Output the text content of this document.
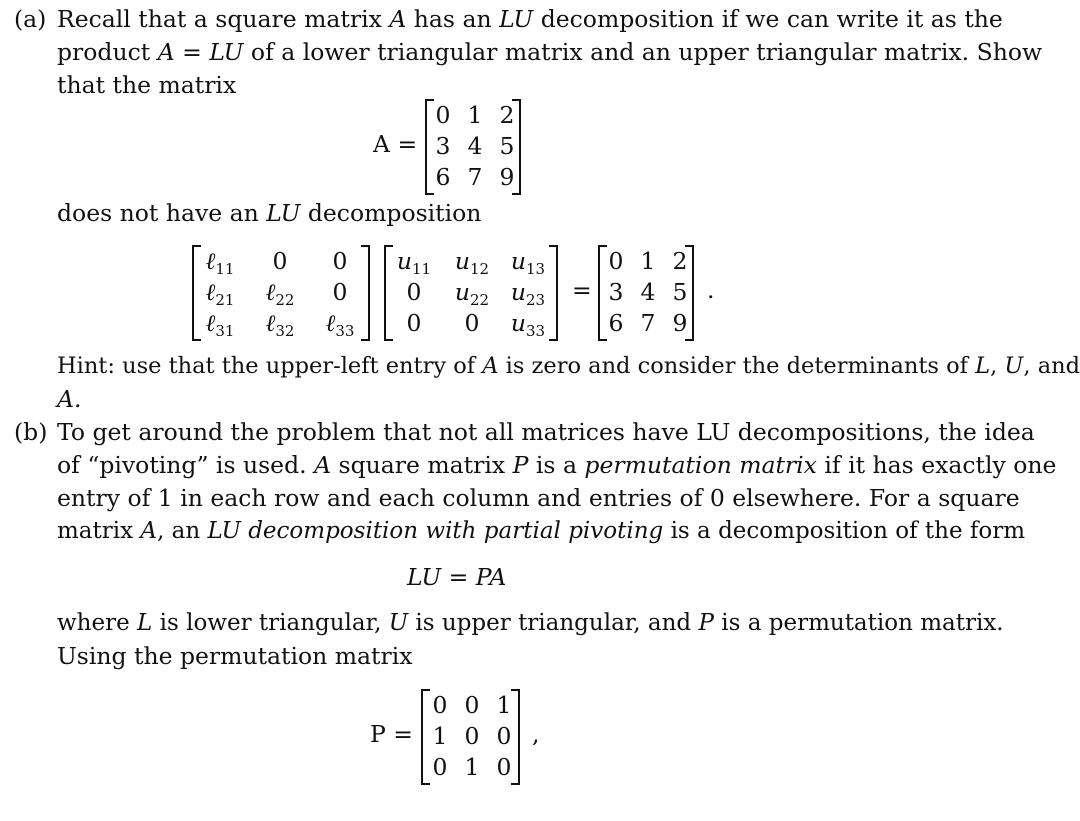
(a) Recall that a square matrix A has an LU decomposition if we can write it as the
product A = LU of a lower triangular matrix and an upper triangular matrix. Show
that the matrix
A =
0 1 2
3 4 5
6 7 9
does not have an LU decomposition
ℓ$_{11}$	0	0
ℓ$_{21}$	ℓ$_{22}$	0
ℓ$_{31}$	ℓ$_{32}$	ℓ$_{33}$
$u_{11}$	$u_{12}$ $u_{13}$
0	$u_{22}$ $u_{23}$
0	0	$u_{33}$
=
0 1 2
3 4 5
6 7 9
.
Hint: use that the upper-left entry of A is zero and consider the determinants of L, U, and
A.
(b) To get around the problem that not all matrices have LU decompositions, the idea
of “pivoting” is used. A square matrix P is a permutation matrix if it has exactly one
entry of 1 in each row and each column and entries of 0 elsewhere. For a square
matrix A, an LU decomposition with partial pivoting is a decomposition of the form
LU = PA
where L is lower triangular, U is upper triangular, and P is a permutation matrix.
Using the permutation matrix
P =
0 0 1
1 0 0
0 1 0
,
